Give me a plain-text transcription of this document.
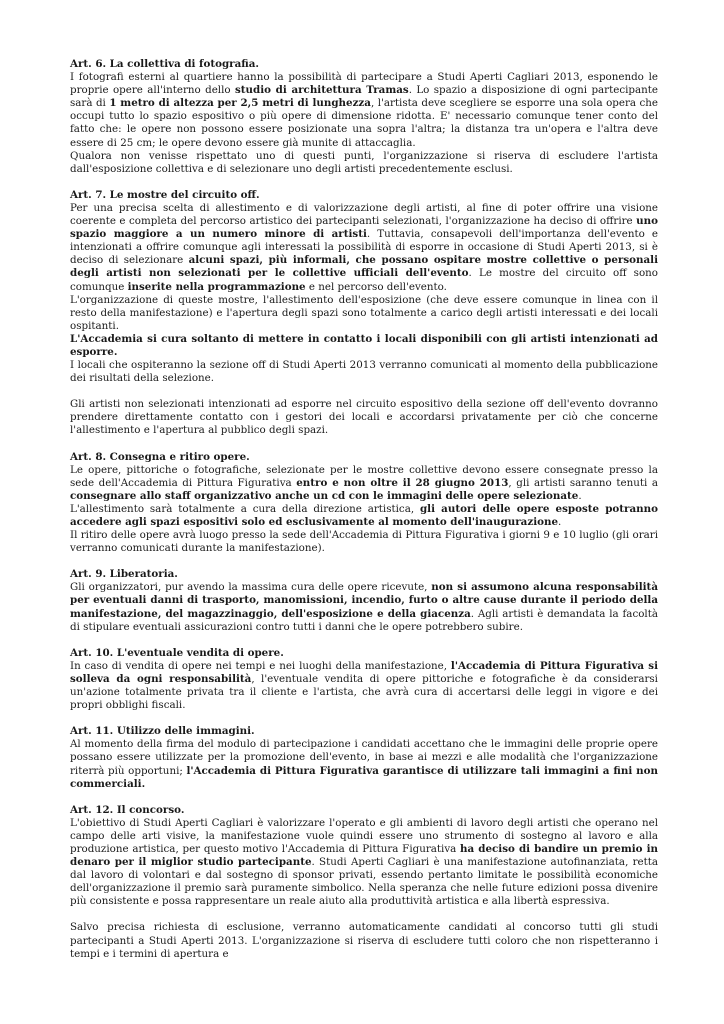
Art. 6. La collettiva di fotografia.

I fotografi esterni al quartiere hanno la possibilità di partecipare a Studi Aperti Cagliari 2013, esponendo le proprie opere all'interno dello studio di architettura Tramas. Lo spazio a disposizione di ogni partecipante sarà di 1 metro di altezza per 2,5 metri di lunghezza, l'artista deve scegliere se esporre una sola opera che occupi tutto lo spazio espositivo o più opere di dimensione ridotta. E' necessario comunque tener conto del fatto che: le opere non possono essere posizionate una sopra l'altra; la distanza tra un'opera e l'altra deve essere di 25 cm; le opere devono essere già munite di attaccaglia.

Qualora non venisse rispettato uno di questi punti, l'organizzazione si riserva di escludere l'artista dall'esposizione collettiva e di selezionare uno degli artisti precedentemente esclusi.

Art. 7. Le mostre del circuito off.

Per una precisa scelta di allestimento e di valorizzazione degli artisti, al fine di poter offrire una visione coerente e completa del percorso artistico dei partecipanti selezionati, l'organizzazione ha deciso di offrire uno spazio maggiore a un numero minore di artisti. Tuttavia, consapevoli dell'importanza dell'evento e intenzionati a offrire comunque agli interessati la possibilità di esporre in occasione di Studi Aperti 2013, si è deciso di selezionare alcuni spazi, più informali, che possano ospitare mostre collettive o personali degli artisti non selezionati per le collettive ufficiali dell'evento. Le mostre del circuito off sono comunque inserite nella programmazione e nel percorso dell'evento.

L'organizzazione di queste mostre, l'allestimento dell'esposizione (che deve essere comunque in linea con il resto della manifestazione) e l'apertura degli spazi sono totalmente a carico degli artisti interessati e dei locali ospitanti.

L'Accademia si cura soltanto di mettere in contatto i locali disponibili con gli artisti intenzionati ad esporre.

I locali che ospiteranno la sezione off di Studi Aperti 2013 verranno comunicati al momento della pubblicazione dei risultati della selezione.

Gli artisti non selezionati intenzionati ad esporre nel circuito espositivo della sezione off dell'evento dovranno prendere direttamente contatto con i gestori dei locali e accordarsi privatamente per ciò che concerne l'allestimento e l'apertura al pubblico degli spazi.

Art. 8. Consegna e ritiro opere.

Le opere, pittoriche o fotografiche, selezionate per le mostre collettive devono essere consegnate presso la sede dell'Accademia di Pittura Figurativa entro e non oltre il 28 giugno 2013, gli artisti saranno tenuti a consegnare allo staff organizzativo anche un cd con le immagini delle opere selezionate.

L'allestimento sarà totalmente a cura della direzione artistica, gli autori delle opere esposte potranno accedere agli spazi espositivi solo ed esclusivamente al momento dell'inaugurazione.

Il ritiro delle opere avrà luogo presso la sede dell'Accademia di Pittura Figurativa i giorni 9 e 10 luglio (gli orari verranno comunicati durante la manifestazione).

Art. 9. Liberatoria.

Gli organizzatori, pur avendo la massima cura delle opere ricevute, non si assumono alcuna responsabilità per eventuali danni di trasporto, manomissioni, incendio, furto o altre cause durante il periodo della manifestazione, del magazzinaggio, dell'esposizione e della giacenza. Agli artisti è demandata la facoltà di stipulare eventuali assicurazioni contro tutti i danni che le opere potrebbero subire.

Art. 10. L'eventuale vendita di opere.

In caso di vendita di opere nei tempi e nei luoghi della manifestazione, l'Accademia di Pittura Figurativa si solleva da ogni responsabilità, l'eventuale vendita di opere pittoriche e fotografiche è da considerarsi un'azione totalmente privata tra il cliente e l'artista, che avrà cura di accertarsi delle leggi in vigore e dei propri obblighi fiscali.

Art. 11. Utilizzo delle immagini.

Al momento della firma del modulo di partecipazione i candidati accettano che le immagini delle proprie opere possano essere utilizzate per la promozione dell'evento, in base ai mezzi e alle modalità che l'organizzazione riterrà più opportuni; l'Accademia di Pittura Figurativa garantisce di utilizzare tali immagini a fini non commerciali.

Art. 12. Il concorso.

L'obiettivo di Studi Aperti Cagliari è valorizzare l'operato e gli ambienti di lavoro degli artisti che operano nel campo delle arti visive, la manifestazione vuole quindi essere uno strumento di sostegno al lavoro e alla produzione artistica, per questo motivo l'Accademia di Pittura Figurativa ha deciso di bandire un premio in denaro per il miglior studio partecipante. Studi Aperti Cagliari è una manifestazione autofinanziata, retta dal lavoro di volontari e dal sostegno di sponsor privati, essendo pertanto limitate le possibilità economiche dell'organizzazione il premio sarà puramente simbolico. Nella speranza che nelle future edizioni possa divenire più consistente e possa rappresentare un reale aiuto alla produttività artistica e alla libertà espressiva.

Salvo precisa richiesta di esclusione, verranno automaticamente candidati al concorso tutti gli studi partecipanti a Studi Aperti 2013. L'organizzazione si riserva di escludere tutti coloro che non rispetteranno i tempi e i termini di apertura e
